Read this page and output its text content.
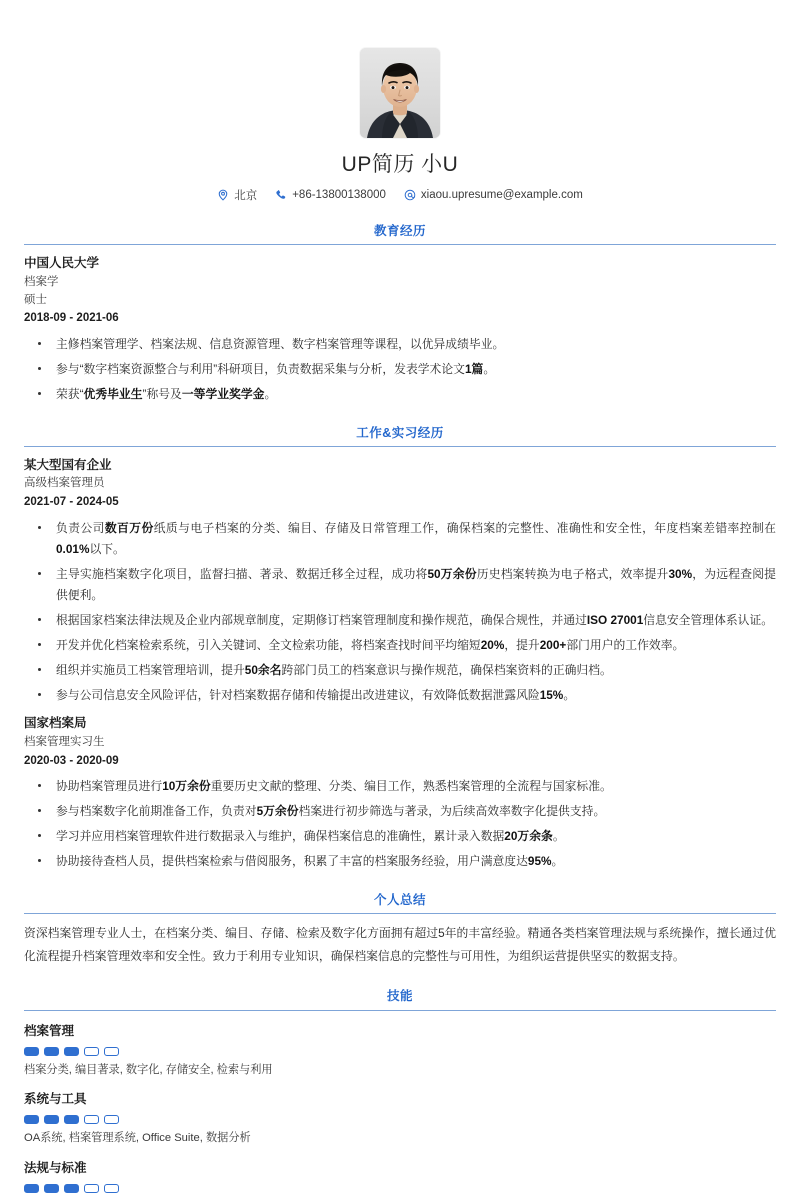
UP简历 小U
北京	+86-13800138000	xiaou.upresume@example.com
教育经历
中国人民大学
档案学
硕士
2018-09 - 2021-06
主修档案管理学、档案法规、信息资源管理、数字档案管理等课程，以优异成绩毕业。
参与“数字档案资源整合与利用”科研项目，负责数据采集与分析，发表学术论文1篇。
荣获“优秀毕业生”称号及一等学业奖学金。
工作&实习经历
某大型国有企业
高级档案管理员
2021-07 - 2024-05
负责公司数百万份纸质与电子档案的分类、编目、存储及日常管理工作，确保档案的完整性、准确性和安全性，年度档案差错率控制在0.01%以下。
主导实施档案数字化项目，监督扫描、著录、数据迁移全过程，成功将50万余份历史档案转换为电子格式，效率提升30%，为远程查阅提供便利。
根据国家档案法律法规及企业内部规章制度，定期修订档案管理制度和操作规范，确保合规性，并通过ISO 27001信息安全管理体系认证。
开发并优化档案检索系统，引入关键词、全文检索功能，将档案查找时间平均缩短20%，提升200+部门用户的工作效率。
组织并实施员工档案管理培训，提升50余名跨部门员工的档案意识与操作规范，确保档案资料的正确归档。
参与公司信息安全风险评估，针对档案数据存储和传输提出改进建议，有效降低数据泄露风险15%。
国家档案局
档案管理实习生
2020-03 - 2020-09
协助档案管理员进行10万余份重要历史文献的整理、分类、编目工作，熟悉档案管理的全流程与国家标准。
参与档案数字化前期准备工作，负责对5万余份档案进行初步筛选与著录，为后续高效率数字化提供支持。
学习并应用档案管理软件进行数据录入与维护，确保档案信息的准确性，累计录入数据20万余条。
协助接待查档人员，提供档案检索与借阅服务，积累了丰富的档案服务经验，用户满意度达95%。
个人总结
资深档案管理专业人士，在档案分类、编目、存储、检索及数字化方面拥有超过5年的丰富经验。精通各类档案管理法规与系统操作，擅长通过优化流程提升档案管理效率和安全性。致力于利用专业知识，确保档案信息的完整性与可用性，为组织运营提供坚实的数据支持。
技能
档案管理
档案分类, 编目著录, 数字化, 存储安全, 检索与利用
系统与工具
OA系统, 档案管理系统, Office Suite, 数据分析
法规与标准
